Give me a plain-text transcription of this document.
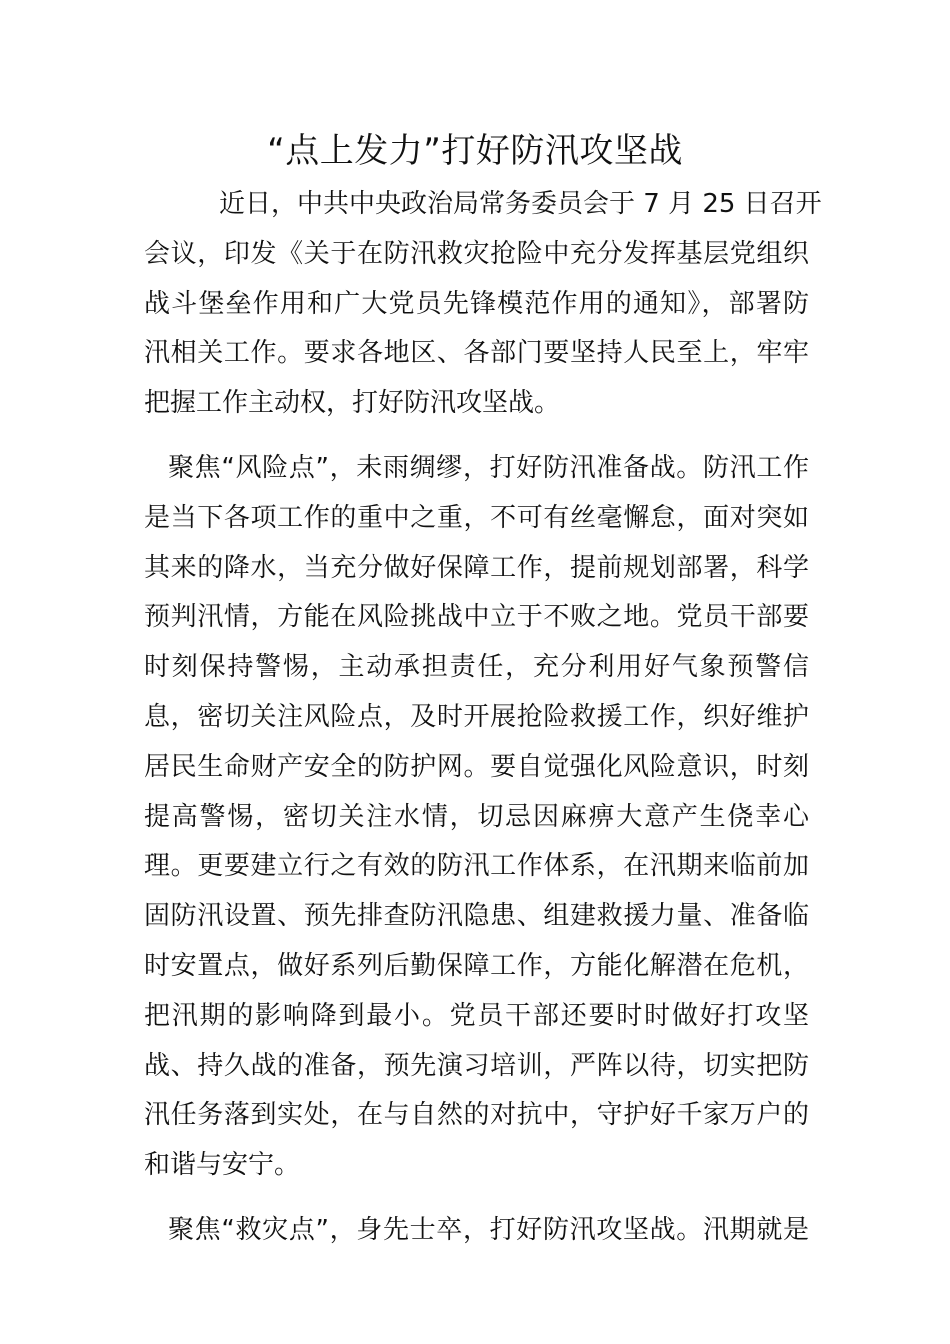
“点上发力”打好防汛攻坚战
近日，中共中央政治局常务委员会于 7 月 25 日召开
会议，印发《关于在防汛救灾抢险中充分发挥基层党组织
战斗堡垒作用和广大党员先锋模范作用的通知》，部署防
汛相关工作。要求各地区、各部门要坚持人民至上，牢牢
把握工作主动权，打好防汛攻坚战。
聚焦“风险点”，未雨绸缪，打好防汛准备战。防汛工作
是当下各项工作的重中之重，不可有丝毫懈怠，面对突如
其来的降水，当充分做好保障工作，提前规划部署，科学
预判汛情，方能在风险挑战中立于不败之地。党员干部要
时刻保持警惕，主动承担责任，充分利用好气象预警信
息，密切关注风险点，及时开展抢险救援工作，织好维护
居民生命财产安全的防护网。要自觉强化风险意识，时刻
提高警惕，密切关注水情，切忌因麻痹大意产生侥幸心
理。更要建立行之有效的防汛工作体系，在汛期来临前加
固防汛设置、预先排查防汛隐患、组建救援力量、准备临
时安置点，做好系列后勤保障工作，方能化解潜在危机，
把汛期的影响降到最小。党员干部还要时时做好打攻坚
战、持久战的准备，预先演习培训，严阵以待，切实把防
汛任务落到实处，在与自然的对抗中，守护好千家万户的
和谐与安宁。
聚焦“救灾点”，身先士卒，打好防汛攻坚战。汛期就是
